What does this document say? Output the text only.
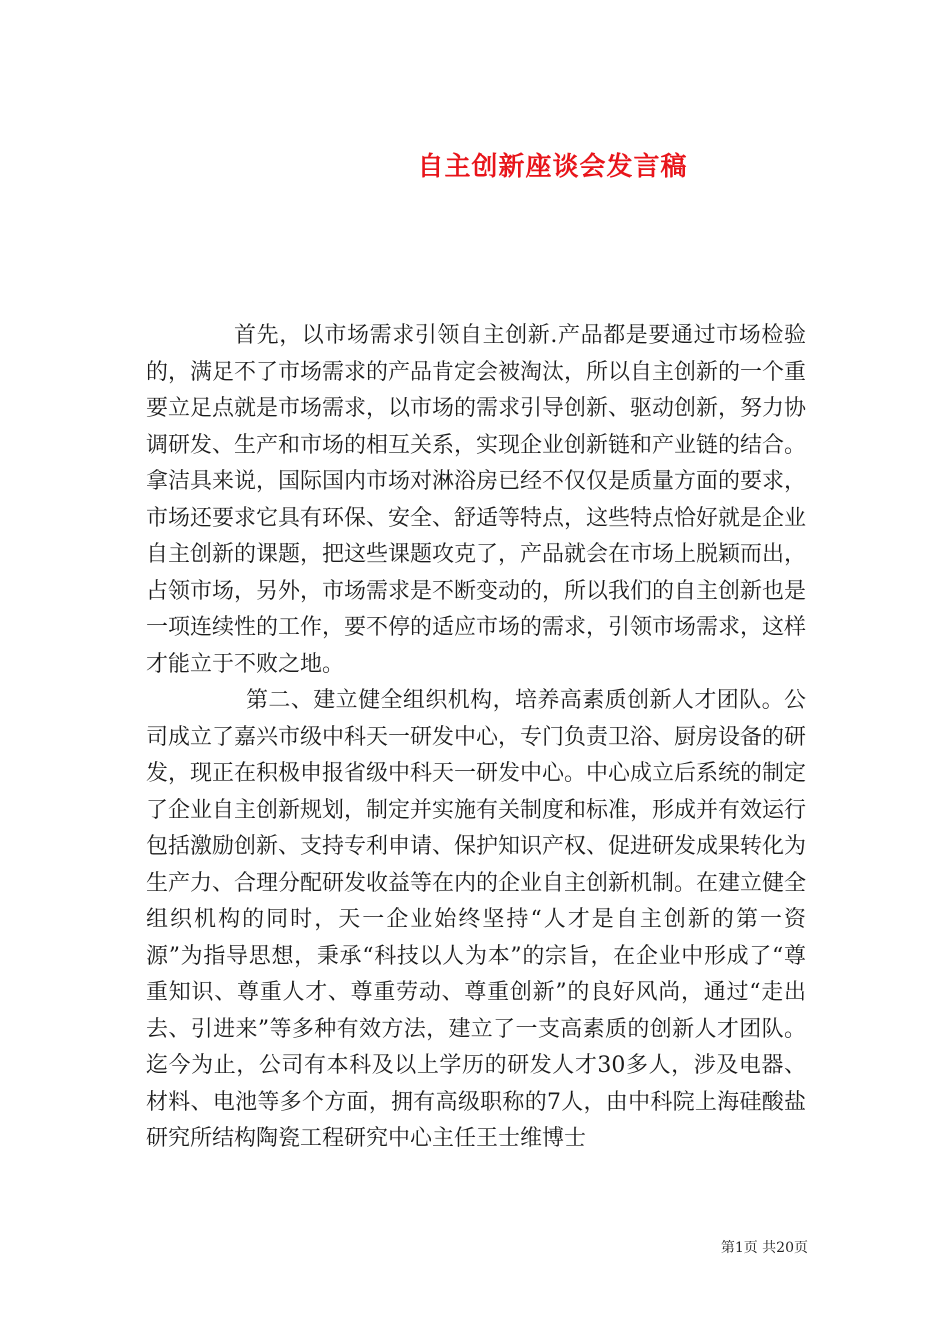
自主创新座谈会发言稿

首先，以市场需求引领自主创新.产品都是要通过市场检验的，满足不了市场需求的产品肯定会被淘汰，所以自主创新的一个重要立足点就是市场需求，以市场的需求引导创新、驱动创新，努力协调研发、生产和市场的相互关系，实现企业创新链和产业链的结合。拿洁具来说，国际国内市场对淋浴房已经不仅仅是质量方面的要求，市场还要求它具有环保、安全、舒适等特点，这些特点恰好就是企业自主创新的课题，把这些课题攻克了，产品就会在市场上脱颖而出，占领市场，另外，市场需求是不断变动的，所以我们的自主创新也是一项连续性的工作，要不停的适应市场的需求，引领市场需求，这样才能立于不败之地。

第二、建立健全组织机构，培养高素质创新人才团队。公司成立了嘉兴市级中科天一研发中心，专门负责卫浴、厨房设备的研发，现正在积极申报省级中科天一研发中心。中心成立后系统的制定了企业自主创新规划，制定并实施有关制度和标准，形成并有效运行包括激励创新、支持专利申请、保护知识产权、促进研发成果转化为生产力、合理分配研发收益等在内的企业自主创新机制。在建立健全组织机构的同时，天一企业始终坚持“人才是自主创新的第一资源”为指导思想，秉承“科技以人为本”的宗旨，在企业中形成了“尊重知识、尊重人才、尊重劳动、尊重创新”的良好风尚，通过“走出去、引进来”等多种有效方法，建立了一支高素质的创新人才团队。迄今为止，公司有本科及以上学历的研发人才30多人，涉及电器、材料、电池等多个方面，拥有高级职称的7人，由中科院上海硅酸盐研究所结构陶瓷工程研究中心主任王士维博士

第1页 共20页
